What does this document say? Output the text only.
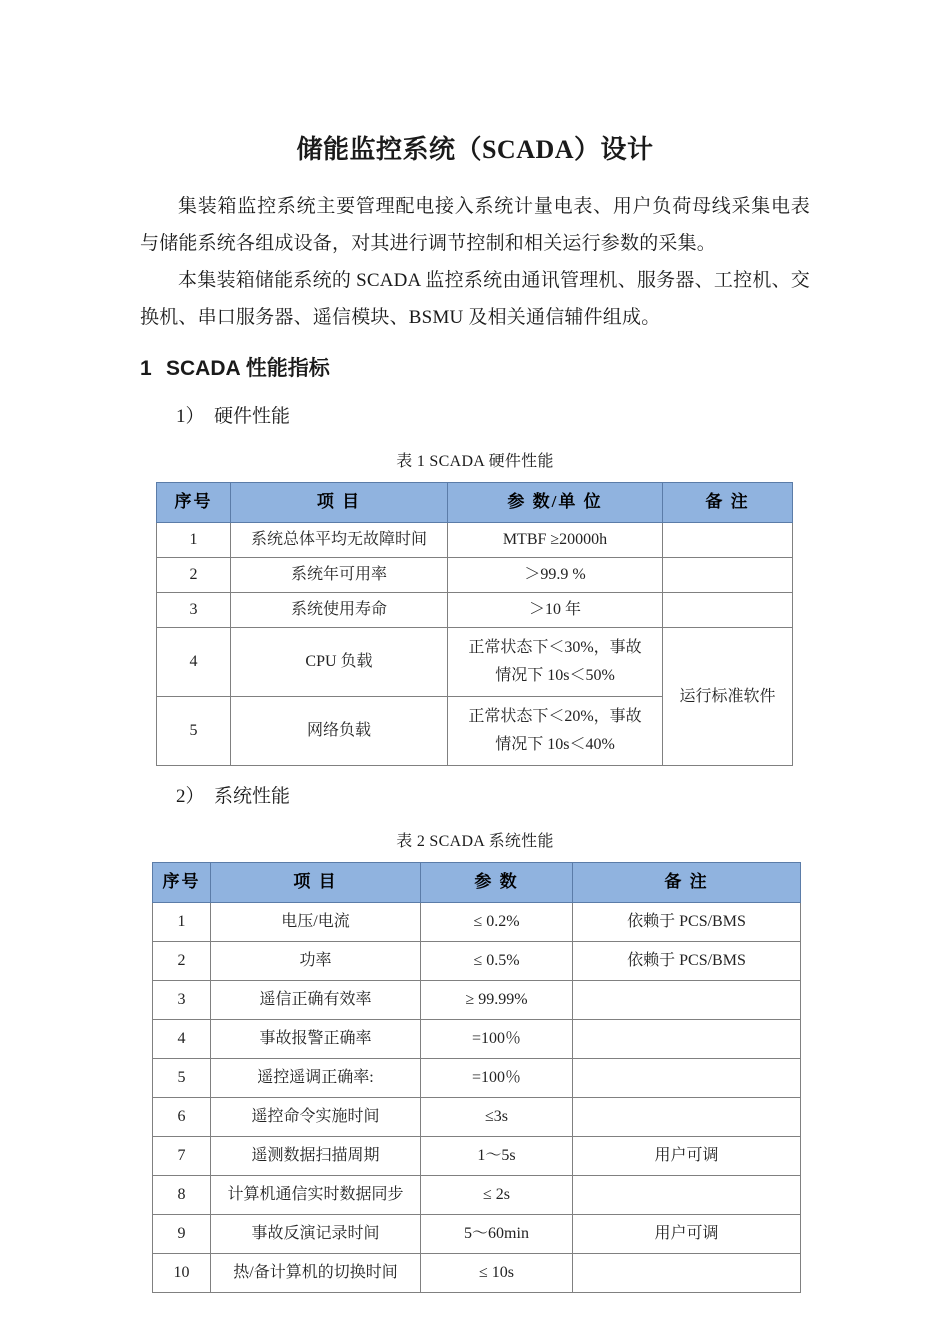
储能监控系统（SCADA）设计

集装箱监控系统主要管理配电接入系统计量电表、用户负荷母线采集电表与储能系统各组成设备，对其进行调节控制和相关运行参数的采集。

本集装箱储能系统的 SCADA 监控系统由通讯管理机、服务器、工控机、交换机、串口服务器、遥信模块、BSMU 及相关通信辅件组成。

1 SCADA 性能指标
1） 硬件性能
表 1 SCADA 硬件性能
序号	项 目	参 数/单 位	备 注
1	系统总体平均无故障时间	MTBF ≥20000h	
2	系统年可用率	＞99.9 %	
3	系统使用寿命	＞10 年	
4	CPU 负载	正常状态下＜30%，事故
情况下 10s＜50%	运行标准软件
5	网络负载	正常状态下＜20%，事故
情况下 10s＜40%	
2） 系统性能
表 2 SCADA 系统性能
序号	项 目	参 数	备 注
1	电压/电流	≤ 0.2%	依赖于 PCS/BMS
2	功率	≤ 0.5%	依赖于 PCS/BMS
3	遥信正确有效率	≥ 99.99%	
4	事故报警正确率	=100％	
5	遥控遥调正确率:	=100％	
6	遥控命令实施时间	≤3s	
7	遥测数据扫描周期	1～5s	用户可调
8	计算机通信实时数据同步	≤ 2s	
9	事故反演记录时间	5～60min	用户可调
10	热/备计算机的切换时间	≤ 10s	
